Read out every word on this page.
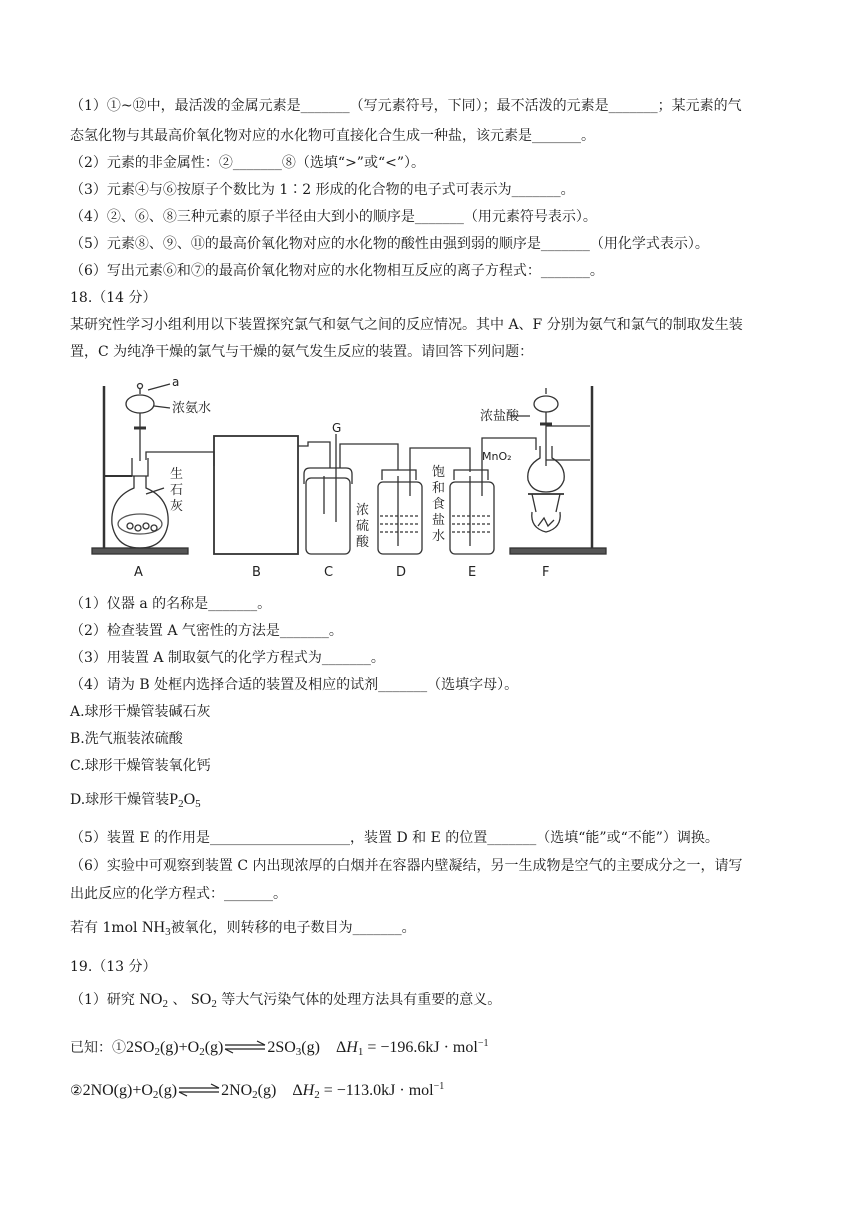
（1）①~⑫中，最活泼的金属元素是_______（写元素符号，下同）；最不活泼的元素是_______；某元素的气
态氢化物与其最高价氧化物对应的水化物可直接化合生成一种盐，该元素是_______。
（2）元素的非金属性：②_______⑧（选填“>”或“<”）。
（3）元素④与⑥按原子个数比为 1∶2 形成的化合物的电子式可表示为_______。
（4）②、⑥、⑧三种元素的原子半径由大到小的顺序是_______（用元素符号表示）。
（5）元素⑧、⑨、⑪的最高价氧化物对应的水化物的酸性由强到弱的顺序是_______（用化学式表示）。
（6）写出元素⑥和⑦的最高价氧化物对应的水化物相互反应的离子方程式：_______。
18.（14 分）
某研究性学习小组利用以下装置探究氯气和氨气之间的反应情况。其中 A、F 分别为氨气和氯气的制取发生装
置，C 为纯净干燥的氯气与干燥的氨气发生反应的装置。请回答下列问题：
a
浓氨水
生
石
灰
G
浓
硫
酸
饱
和
食
盐
水
浓盐酸
MnO₂
A	B	C	D	E	F
（1）仪器 a 的名称是_______。
（2）检查装置 A 气密性的方法是_______。
（3）用装置 A 制取氨气的化学方程式为_______。
（4）请为 B 处框内选择合适的装置及相应的试剂_______（选填字母）。
A.球形干燥管装碱石灰
B.洗气瓶装浓硫酸
C.球形干燥管装氧化钙
D.球形干燥管装$P_2O_5$
（5）装置 E 的作用是____________________，装置 D 和 E 的位置_______（选填“能”或“不能”）调换。
（6）实验中可观察到装置 C 内出现浓厚的白烟并在容器内壁凝结，另一生成物是空气的主要成分之一，请写
出此反应的化学方程式：_______。
若有 1mol $NH_3$被氧化，则转移的电子数目为_______。
19.（13 分）
（1）研究 $NO_2$ 、 $SO_2$ 等大气污染气体的处理方法具有重要的意义。
已知：$①2SO_2(g)+O_2(g)\rightleftharpoons 2SO_3(g)$    $\Delta H_1 = -196.6kJ \cdot mol^{-1}$
$②2NO(g)+O_2(g)\rightleftharpoons 2NO_2(g)$    $\Delta H_2 = -113.0kJ \cdot mol^{-1}$
